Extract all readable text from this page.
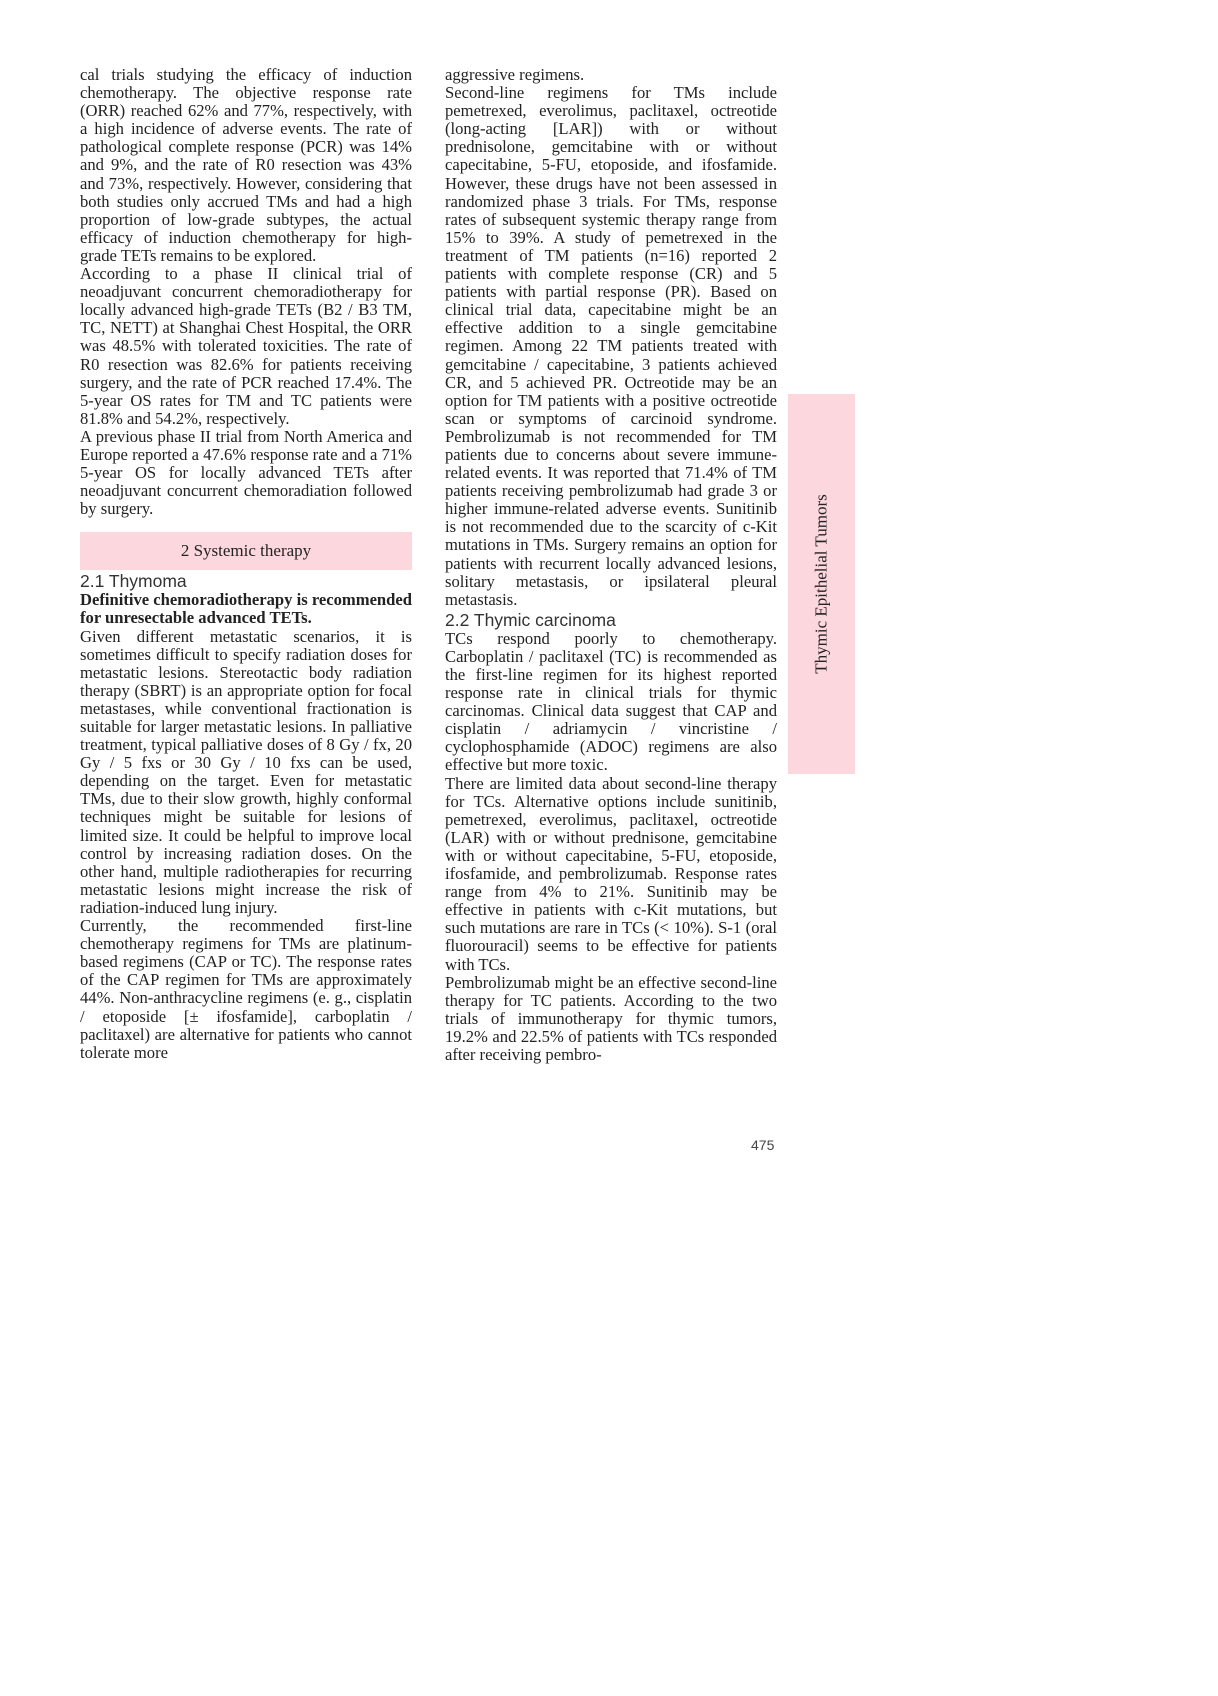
cal trials studying the efficacy of induction chemotherapy. The objective response rate (ORR) reached 62% and 77%, respectively, with a high incidence of adverse events. The rate of pathological complete response (PCR) was 14% and 9%, and the rate of R0 resection was 43% and 73%, respectively. However, considering that both studies only accrued TMs and had a high proportion of low-grade subtypes, the actual efficacy of induction chemotherapy for high-grade TETs remains to be explored.

According to a phase II clinical trial of neoadjuvant concurrent chemoradiotherapy for locally advanced high-grade TETs (B2 / B3 TM, TC, NETT) at Shanghai Chest Hospital, the ORR was 48.5% with tolerated toxicities. The rate of R0 resection was 82.6% for patients receiving surgery, and the rate of PCR reached 17.4%. The 5-year OS rates for TM and TC patients were 81.8% and 54.2%, respectively.

A previous phase II trial from North America and Europe reported a 47.6% response rate and a 71% 5-year OS for locally advanced TETs after neoadjuvant concurrent chemoradiation followed by surgery.

2 Systemic therapy
2.1 Thymoma

Definitive chemoradiotherapy is recommended for unresectable advanced TETs.

Given different metastatic scenarios, it is sometimes difficult to specify radiation doses for metastatic lesions. Stereotactic body radiation therapy (SBRT) is an appropriate option for focal metastases, while conventional fractionation is suitable for larger metastatic lesions. In palliative treatment, typical palliative doses of 8 Gy / fx, 20 Gy / 5 fxs or 30 Gy / 10 fxs can be used, depending on the target. Even for metastatic TMs, due to their slow growth, highly conformal techniques might be suitable for lesions of limited size. It could be helpful to improve local control by increasing radiation doses. On the other hand, multiple radiotherapies for recurring metastatic lesions might increase the risk of radiation-induced lung injury.

Currently, the recommended first-line chemotherapy regimens for TMs are platinum-based regimens (CAP or TC). The response rates of the CAP regimen for TMs are approximately 44%. Non-anthracycline regimens (e. g., cisplatin / etoposide [± ifosfamide], carboplatin / paclitaxel) are alternative for patients who cannot tolerate more

aggressive regimens.

Second-line regimens for TMs include pemetrexed, everolimus, paclitaxel, octreotide (long-acting [LAR]) with or without prednisolone, gemcitabine with or without capecitabine, 5-FU, etoposide, and ifosfamide. However, these drugs have not been assessed in randomized phase 3 trials. For TMs, response rates of subsequent systemic therapy range from 15% to 39%. A study of pemetrexed in the treatment of TM patients (n=16) reported 2 patients with complete response (CR) and 5 patients with partial response (PR). Based on clinical trial data, capecitabine might be an effective addition to a single gemcitabine regimen. Among 22 TM patients treated with gemcitabine / capecitabine, 3 patients achieved CR, and 5 achieved PR. Octreotide may be an option for TM patients with a positive octreotide scan or symptoms of carcinoid syndrome. Pembrolizumab is not recommended for TM patients due to concerns about severe immune-related events. It was reported that 71.4% of TM patients receiving pembrolizumab had grade 3 or higher immune-related adverse events. Sunitinib is not recommended due to the scarcity of c-Kit mutations in TMs. Surgery remains an option for patients with recurrent locally advanced lesions, solitary metastasis, or ipsilateral pleural metastasis.

2.2 Thymic carcinoma

TCs respond poorly to chemotherapy. Carboplatin / paclitaxel (TC) is recommended as the first-line regimen for its highest reported response rate in clinical trials for thymic carcinomas. Clinical data suggest that CAP and cisplatin / adriamycin / vincristine / cyclophosphamide (ADOC) regimens are also effective but more toxic.

There are limited data about second-line therapy for TCs. Alternative options include sunitinib, pemetrexed, everolimus, paclitaxel, octreotide (LAR) with or without prednisone, gemcitabine with or without capecitabine, 5-FU, etoposide, ifosfamide, and pembrolizumab. Response rates range from 4% to 21%. Sunitinib may be effective in patients with c-Kit mutations, but such mutations are rare in TCs (< 10%). S-1 (oral fluorouracil) seems to be effective for patients with TCs.

Pembrolizumab might be an effective second-line therapy for TC patients. According to the two trials of immunotherapy for thymic tumors, 19.2% and 22.5% of patients with TCs responded after receiving pembro-

Thymic Epithelial Tumors
475
